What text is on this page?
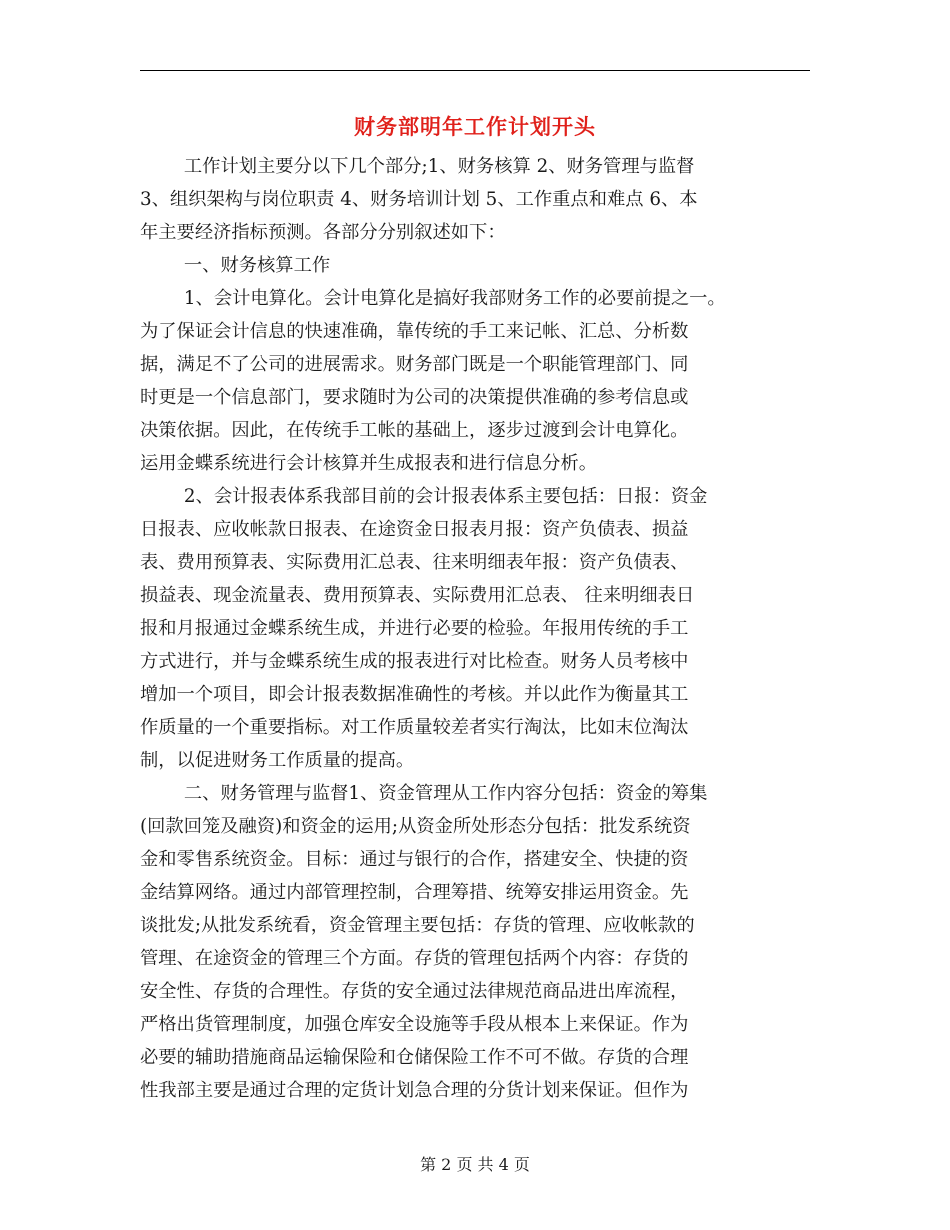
财务部明年工作计划开头
工作计划主要分以下几个部分;1、财务核算 2、财务管理与监督
3、组织架构与岗位职责 4、财务培训计划 5、工作重点和难点 6、本
年主要经济指标预测。各部分分别叙述如下：
一、财务核算工作
1、会计电算化。会计电算化是搞好我部财务工作的必要前提之一。
为了保证会计信息的快速准确，靠传统的手工来记帐、汇总、分析数
据，满足不了公司的进展需求。财务部门既是一个职能管理部门、同
时更是一个信息部门，要求随时为公司的决策提供准确的参考信息或
决策依据。因此，在传统手工帐的基础上，逐步过渡到会计电算化。
运用金蝶系统进行会计核算并生成报表和进行信息分析。
2、会计报表体系我部目前的会计报表体系主要包括：日报：资金
日报表、应收帐款日报表、在途资金日报表月报：资产负债表、损益
表、费用预算表、实际费用汇总表、往来明细表年报：资产负债表、
损益表、现金流量表、费用预算表、实际费用汇总表、 往来明细表日
报和月报通过金蝶系统生成，并进行必要的检验。年报用传统的手工
方式进行，并与金蝶系统生成的报表进行对比检查。财务人员考核中
增加一个项目，即会计报表数据准确性的考核。并以此作为衡量其工
作质量的一个重要指标。对工作质量较差者实行淘汰，比如末位淘汰
制，以促进财务工作质量的提高。
二、财务管理与监督1、资金管理从工作内容分包括：资金的筹集
(回款回笼及融资)和资金的运用;从资金所处形态分包括：批发系统资
金和零售系统资金。目标：通过与银行的合作，搭建安全、快捷的资
金结算网络。通过内部管理控制，合理筹措、统筹安排运用资金。先
谈批发;从批发系统看，资金管理主要包括：存货的管理、应收帐款的
管理、在途资金的管理三个方面。存货的管理包括两个内容：存货的
安全性、存货的合理性。存货的安全通过法律规范商品进出库流程，
严格出货管理制度，加强仓库安全设施等手段从根本上来保证。作为
必要的辅助措施商品运输保险和仓储保险工作不可不做。存货的合理
性我部主要是通过合理的定货计划急合理的分货计划来保证。但作为
第 2 页 共 4 页
